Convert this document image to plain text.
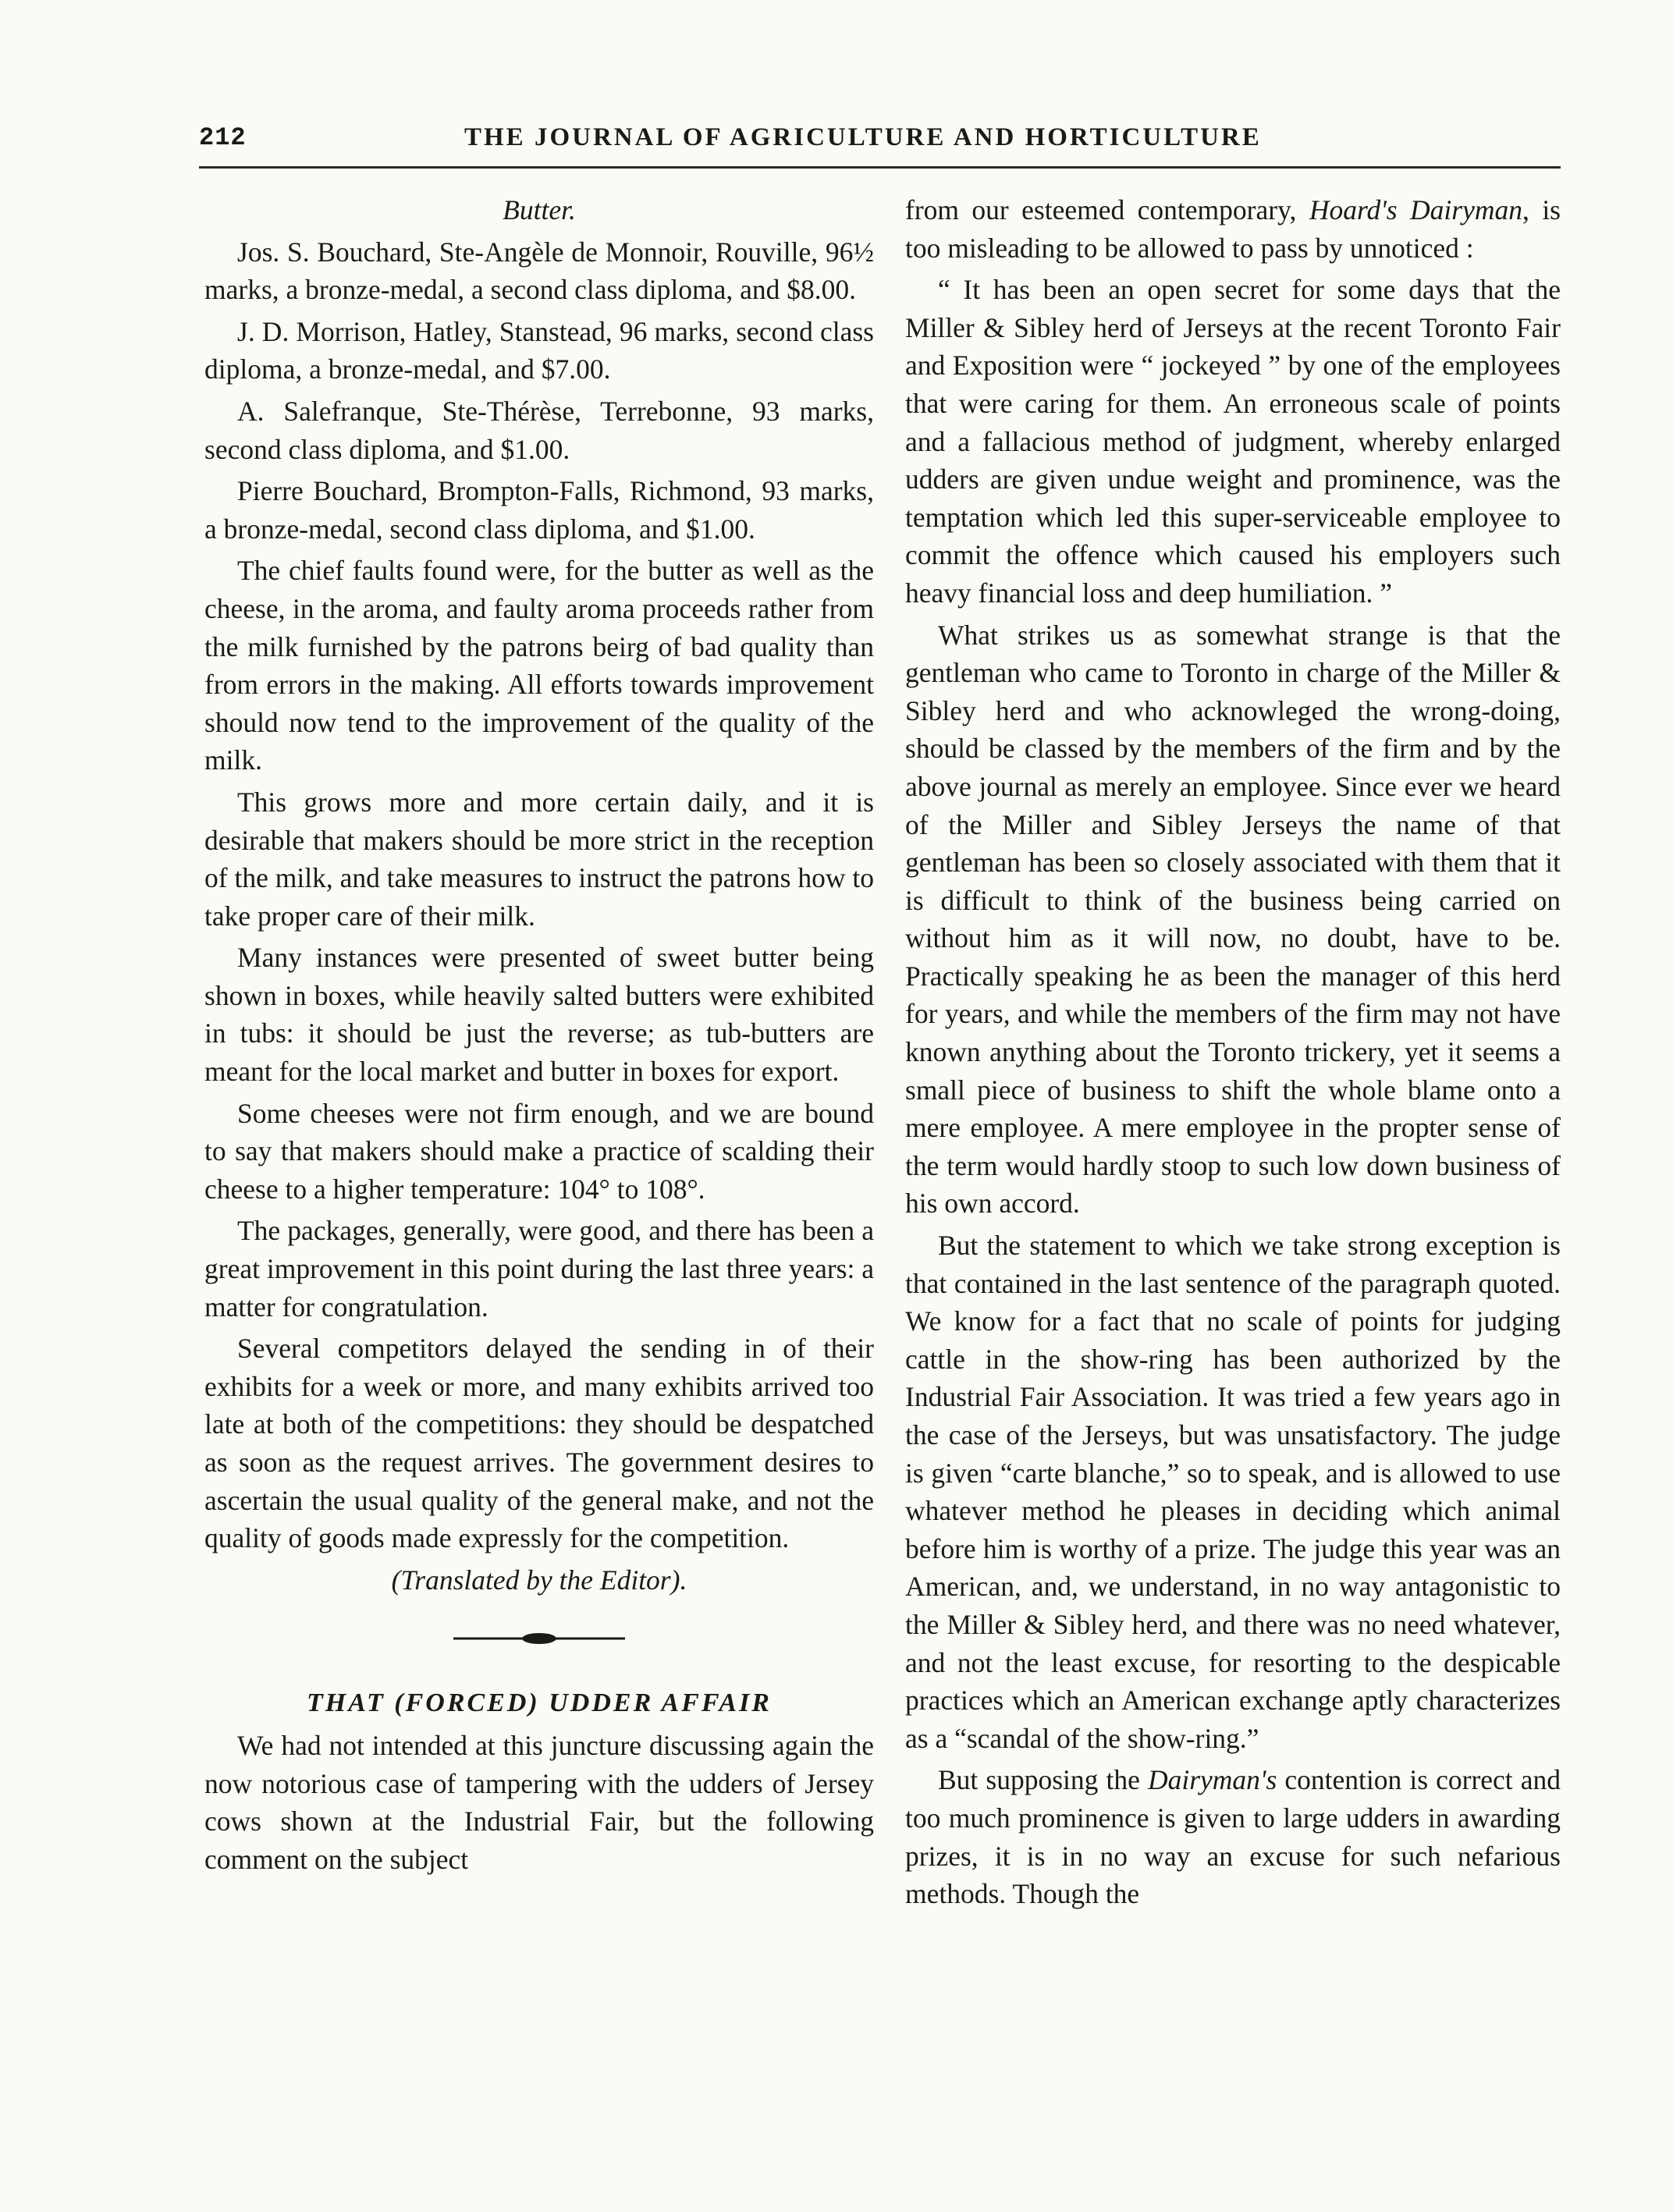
212	THE JOURNAL OF AGRICULTURE AND HORTICULTURE

Butter.

Jos. S. Bouchard, Ste-Angèle de Monnoir, Rouville, 96½ marks, a bronze-medal, a second class diploma, and $8.00.

J. D. Morrison, Hatley, Stanstead, 96 marks, second class diploma, a bronze-medal, and $7.00.

A. Salefranque, Ste-Thérèse, Terrebonne, 93 marks, second class diploma, and $1.00.

Pierre Bouchard, Brompton-Falls, Richmond, 93 marks, a bronze-medal, second class diploma, and $1.00.

The chief faults found were, for the butter as well as the cheese, in the aroma, and faulty aroma proceeds rather from the milk furnished by the patrons beirg of bad quality than from errors in the making. All efforts towards improvement should now tend to the improvement of the quality of the milk.

This grows more and more certain daily, and it is desirable that makers should be more strict in the reception of the milk, and take measures to instruct the patrons how to take proper care of their milk.

Many instances were presented of sweet butter being shown in boxes, while heavily salted butters were exhibited in tubs: it should be just the reverse; as tub-butters are meant for the local market and butter in boxes for export.

Some cheeses were not firm enough, and we are bound to say that makers should make a practice of scalding their cheese to a higher temperature: 104° to 108°.

The packages, generally, were good, and there has been a great improvement in this point during the last three years: a matter for congratulation.

Several competitors delayed the sending in of their exhibits for a week or more, and many exhibits arrived too late at both of the competitions: they should be despatched as soon as the request arrives. The government desires to ascertain the usual quality of the general make, and not the quality of goods made expressly for the competition.

(Translated by the Editor).

THAT (FORCED) UDDER AFFAIR

We had not intended at this juncture discussing again the now notorious case of tampering with the udders of Jersey cows shown at the Industrial Fair, but the following comment on the subject

from our esteemed contemporary, Hoard's Dairyman, is too misleading to be allowed to pass by unnoticed :

“ It has been an open secret for some days that the Miller & Sibley herd of Jerseys at the recent Toronto Fair and Exposition were “ jockeyed ” by one of the employees that were caring for them. An erroneous scale of points and a fallacious method of judgment, whereby enlarged udders are given undue weight and prominence, was the temptation which led this super-serviceable employee to commit the offence which caused his employers such heavy financial loss and deep humiliation. ”

What strikes us as somewhat strange is that the gentleman who came to Toronto in charge of the Miller & Sibley herd and who acknowleged the wrong-doing, should be classed by the members of the firm and by the above journal as merely an employee. Since ever we heard of the Miller and Sibley Jerseys the name of that gentleman has been so closely associated with them that it is difficult to think of the business being carried on without him as it will now, no doubt, have to be. Practically speaking he as been the manager of this herd for years, and while the members of the firm may not have known anything about the Toronto trickery, yet it seems a small piece of business to shift the whole blame onto a mere employee. A mere employee in the propter sense of the term would hardly stoop to such low down business of his own accord.

But the statement to which we take strong exception is that contained in the last sentence of the paragraph quoted. We know for a fact that no scale of points for judging cattle in the show-ring has been authorized by the Industrial Fair Association. It was tried a few years ago in the case of the Jerseys, but was unsatisfactory. The judge is given “carte blanche,” so to speak, and is allowed to use whatever method he pleases in deciding which animal before him is worthy of a prize. The judge this year was an American, and, we understand, in no way antagonistic to the Miller & Sibley herd, and there was no need whatever, and not the least excuse, for resorting to the despicable practices which an American exchange aptly characterizes as a “scandal of the show-ring.”

But supposing the Dairyman's contention is correct and too much prominence is given to large udders in awarding prizes, it is in no way an excuse for such nefarious methods. Though the
